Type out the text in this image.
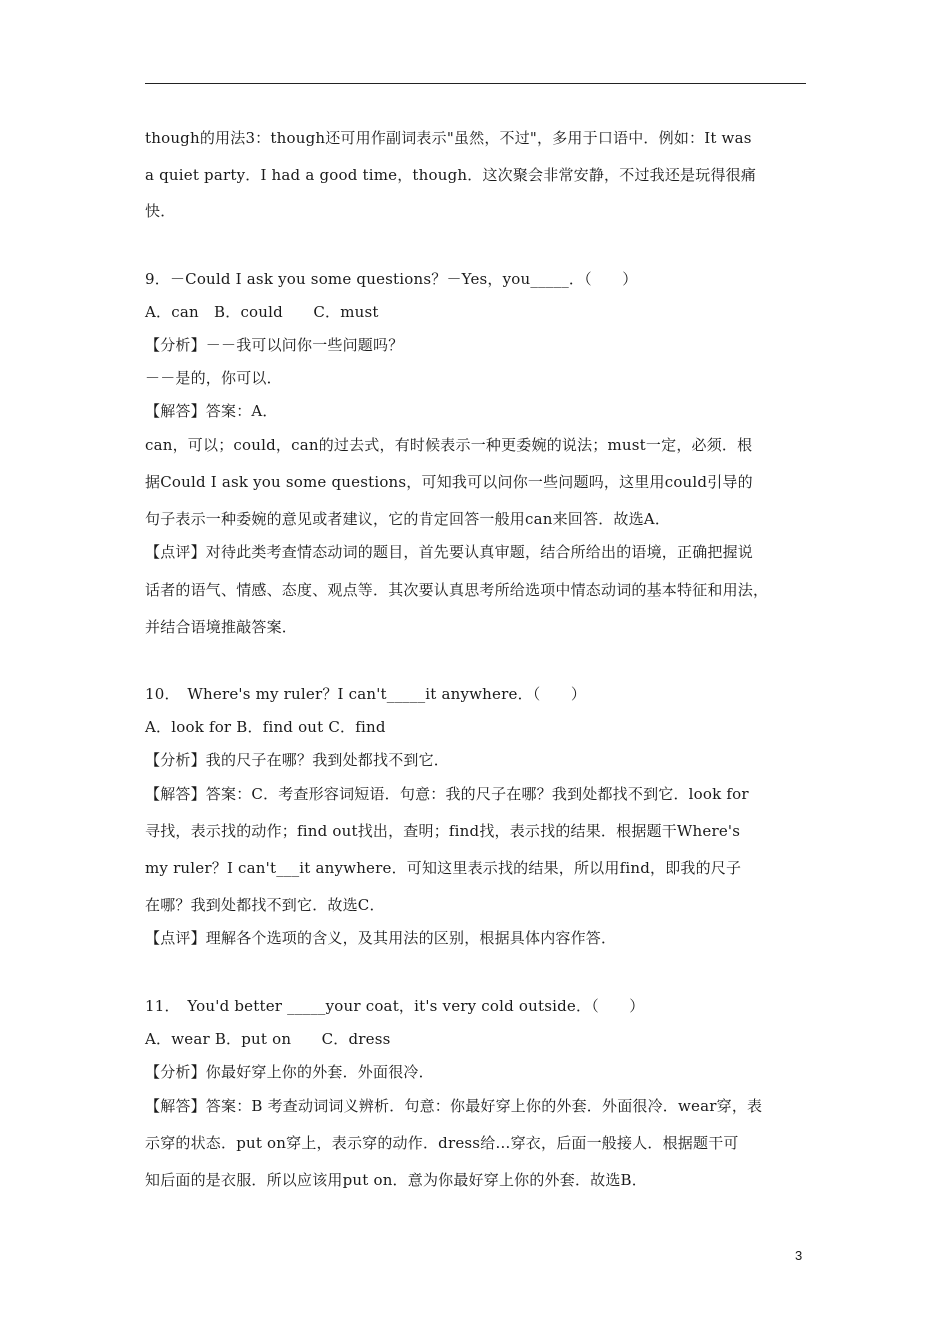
though的用法3：though还可用作副词表示"虽然，不过"，多用于口语中．例如：It was
a quiet party．I had a good time，though．这次聚会非常安静，不过我还是玩得很痛
快．
9．－Could I ask you some questions？－Yes，you_____．（　　）
A．can　B．could　　C．must
【分析】－－我可以问你一些问题吗？
－－是的，你可以．
【解答】答案：A．
can，可以；could，can的过去式，有时候表示一种更委婉的说法；must一定，必须．根
据Could I ask you some questions，可知我可以问你一些问题吗，这里用could引导的
句子表示一种委婉的意见或者建议，它的肯定回答一般用can来回答．故选A．
【点评】对待此类考查情态动词的题目，首先要认真审题，结合所给出的语境，正确把握说
话者的语气、情感、态度、观点等．其次要认真思考所给选项中情态动词的基本特征和用法，
并结合语境推敲答案．
10．　Where's my ruler？I can't_____it anywhere．（　　）
A．look for B．find out C．find
【分析】我的尺子在哪？我到处都找不到它．
【解答】答案：C．考查形容词短语．句意：我的尺子在哪？我到处都找不到它．look for
寻找，表示找的动作；find out找出，查明；find找，表示找的结果．根据题干Where's
my ruler？I can't___it anywhere．可知这里表示找的结果，所以用find，即我的尺子
在哪？我到处都找不到它．故选C．
【点评】理解各个选项的含义，及其用法的区别，根据具体内容作答．
11．　You'd better _____your coat，it's very cold outside．（　　）
A．wear B．put on　　C．dress
【分析】你最好穿上你的外套．外面很冷．
【解答】答案：B 考查动词词义辨析．句意：你最好穿上你的外套．外面很冷．wear穿，表
示穿的状态．put on穿上，表示穿的动作．dress给…穿衣，后面一般接人．根据题干可
知后面的是衣服．所以应该用put on．意为你最好穿上你的外套．故选B．
3
